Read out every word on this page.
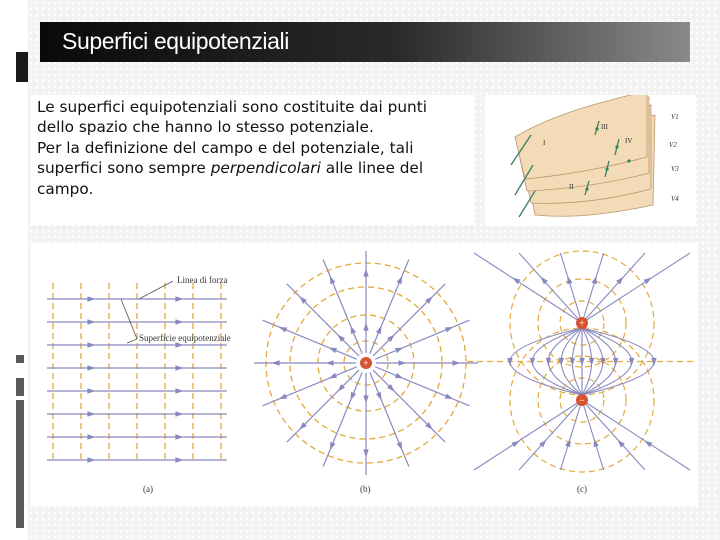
Superfici equipotenziali

Le superfici equipotenziali sono costituite dai punti
dello spazio che hanno lo stesso potenziale.
Per la definizione del campo e del potenziale, tali
superfici sono sempre perpendicolari alle linee del
campo.

V1
V2
V3
V4
I
II
III
IV
+
+
−
Superficie equipotenziale
Linea di forza
(a)	(b)	(c)
